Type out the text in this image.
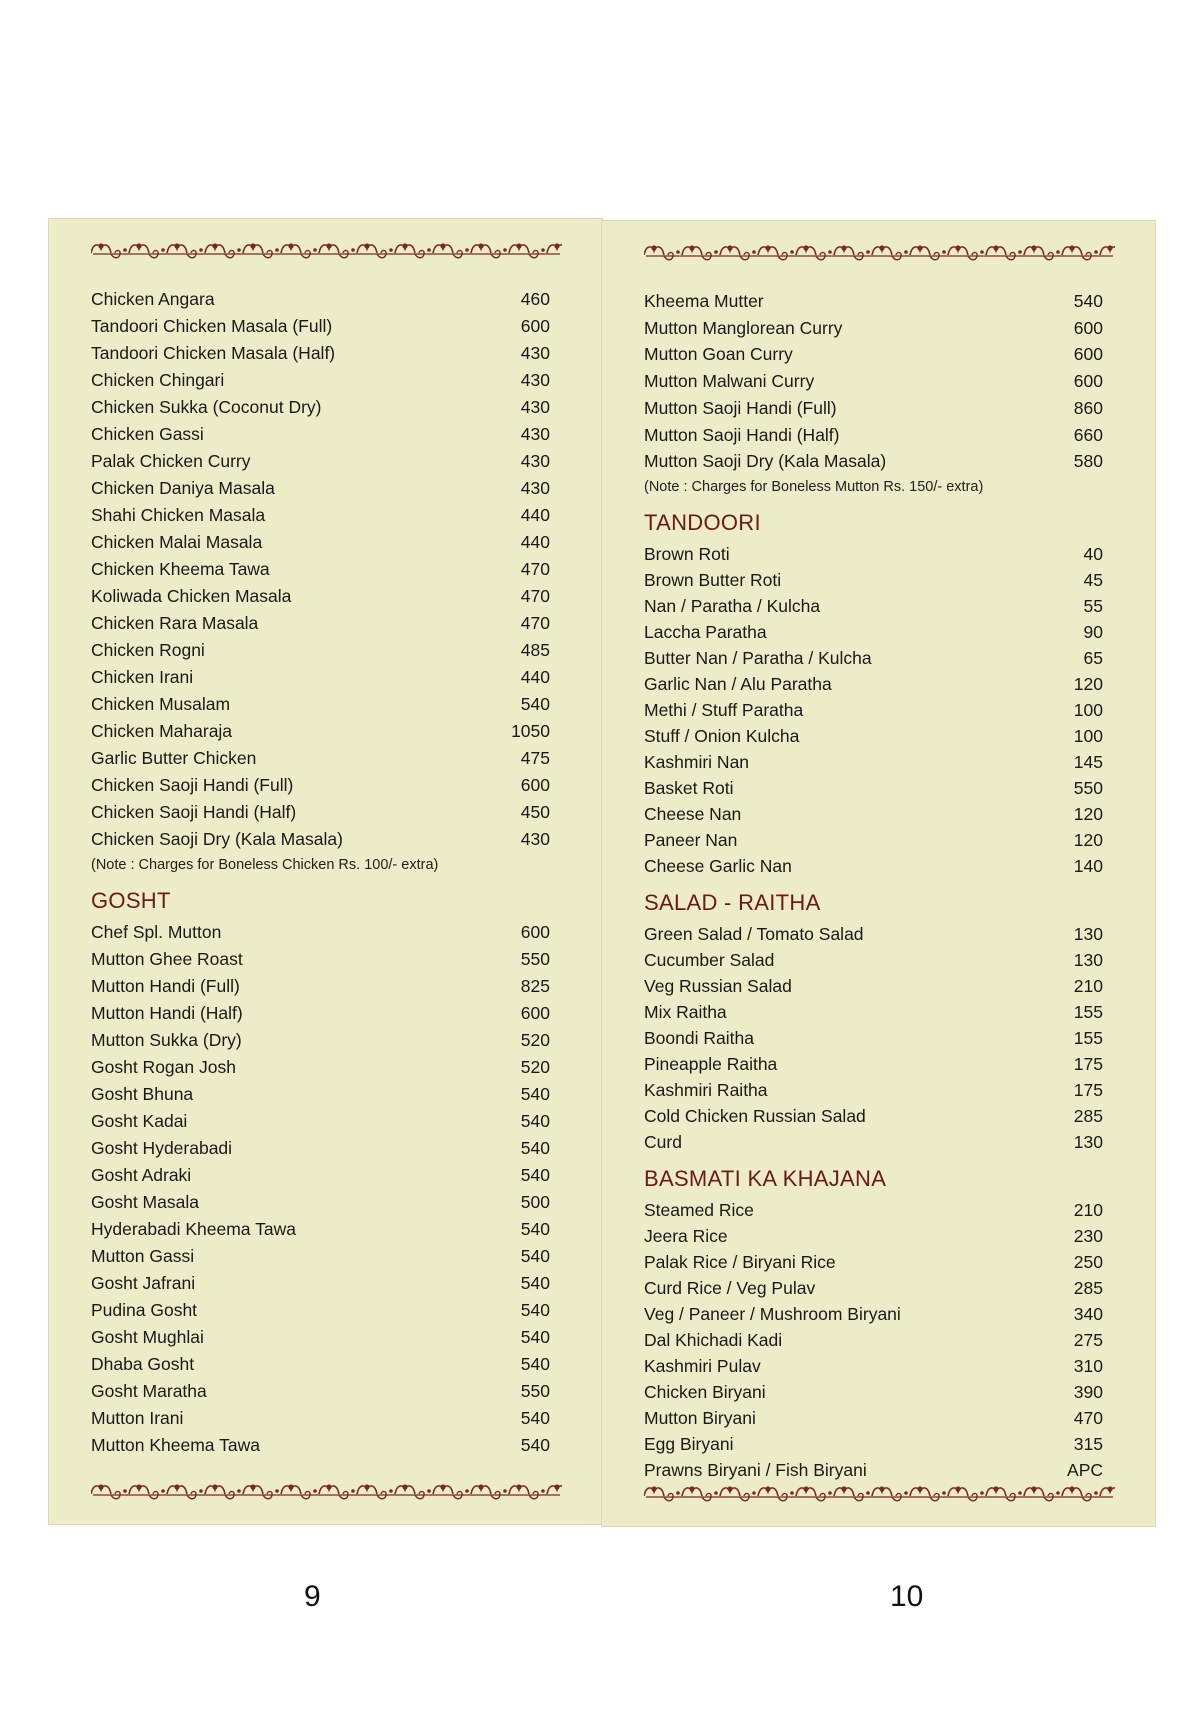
Chicken Angara	460
Tandoori Chicken Masala (Full)	600
Tandoori Chicken Masala (Half)	430
Chicken Chingari	430
Chicken Sukka (Coconut Dry)	430
Chicken Gassi	430
Palak Chicken Curry	430
Chicken Daniya Masala	430
Shahi Chicken Masala	440
Chicken Malai Masala	440
Chicken Kheema Tawa	470
Koliwada Chicken Masala	470
Chicken Rara Masala	470
Chicken Rogni	485
Chicken Irani	440
Chicken Musalam	540
Chicken Maharaja	1050
Garlic Butter Chicken	475
Chicken Saoji Handi (Full)	600
Chicken Saoji Handi (Half)	450
Chicken Saoji Dry (Kala Masala)	430
(Note : Charges for Boneless Chicken Rs. 100/- extra)
GOSHT
Chef Spl. Mutton	600
Mutton Ghee Roast	550
Mutton Handi (Full)	825
Mutton Handi (Half)	600
Mutton Sukka (Dry)	520
Gosht Rogan Josh	520
Gosht Bhuna	540
Gosht Kadai	540
Gosht Hyderabadi	540
Gosht Adraki	540
Gosht Masala	500
Hyderabadi Kheema Tawa	540
Mutton Gassi	540
Gosht Jafrani	540
Pudina Gosht	540
Gosht Mughlai	540
Dhaba Gosht	540
Gosht Maratha	550
Mutton Irani	540
Mutton Kheema Tawa	540
Kheema Mutter	540
Mutton Manglorean Curry	600
Mutton Goan Curry	600
Mutton Malwani Curry	600
Mutton Saoji Handi (Full)	860
Mutton Saoji Handi (Half)	660
Mutton Saoji Dry (Kala Masala)	580
(Note : Charges for Boneless Mutton Rs. 150/- extra)
TANDOORI
Brown Roti	40
Brown Butter Roti	45
Nan / Paratha / Kulcha	55
Laccha Paratha	90
Butter Nan / Paratha / Kulcha	65
Garlic Nan / Alu Paratha	120
Methi / Stuff Paratha	100
Stuff / Onion Kulcha	100
Kashmiri Nan	145
Basket Roti	550
Cheese Nan	120
Paneer Nan	120
Cheese Garlic Nan	140
SALAD - RAITHA
Green Salad / Tomato Salad	130
Cucumber Salad	130
Veg Russian Salad	210
Mix Raitha	155
Boondi Raitha	155
Pineapple Raitha	175
Kashmiri Raitha	175
Cold Chicken Russian Salad	285
Curd	130
BASMATI KA KHAJANA
Steamed Rice	210
Jeera Rice	230
Palak Rice / Biryani Rice	250
Curd Rice / Veg Pulav	285
Veg / Paneer / Mushroom Biryani	340
Dal Khichadi Kadi	275
Kashmiri Pulav	310
Chicken Biryani	390
Mutton Biryani	470
Egg Biryani	315
Prawns Biryani / Fish Biryani	APC
9	10
